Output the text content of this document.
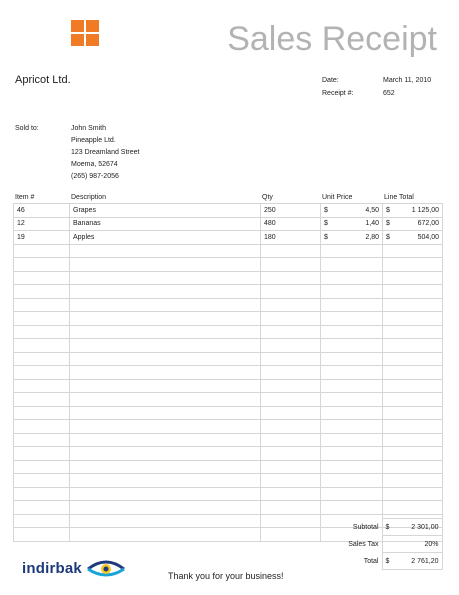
Sales Receipt
Apricot Ltd.	Date:	March 11, 2010
Receipt #:	652
Sold to:	John Smith
Pineapple Ltd.
123 Dreamland Street
Moema, 52674
(265) 987-2056
Item #	Description	Qty	Unit Price	Line Total
46	Grapes	250	$ 4,50	$ 1 125,00

12	Bananas	480	$ 1,40	$ 672,00

19	Apples	180	$ 2,80	$ 504,00

Subtotal	$ 2 301,00

Sales Tax	20%
Total	$ 2 761,20
indirbak	Thank you for your business!
